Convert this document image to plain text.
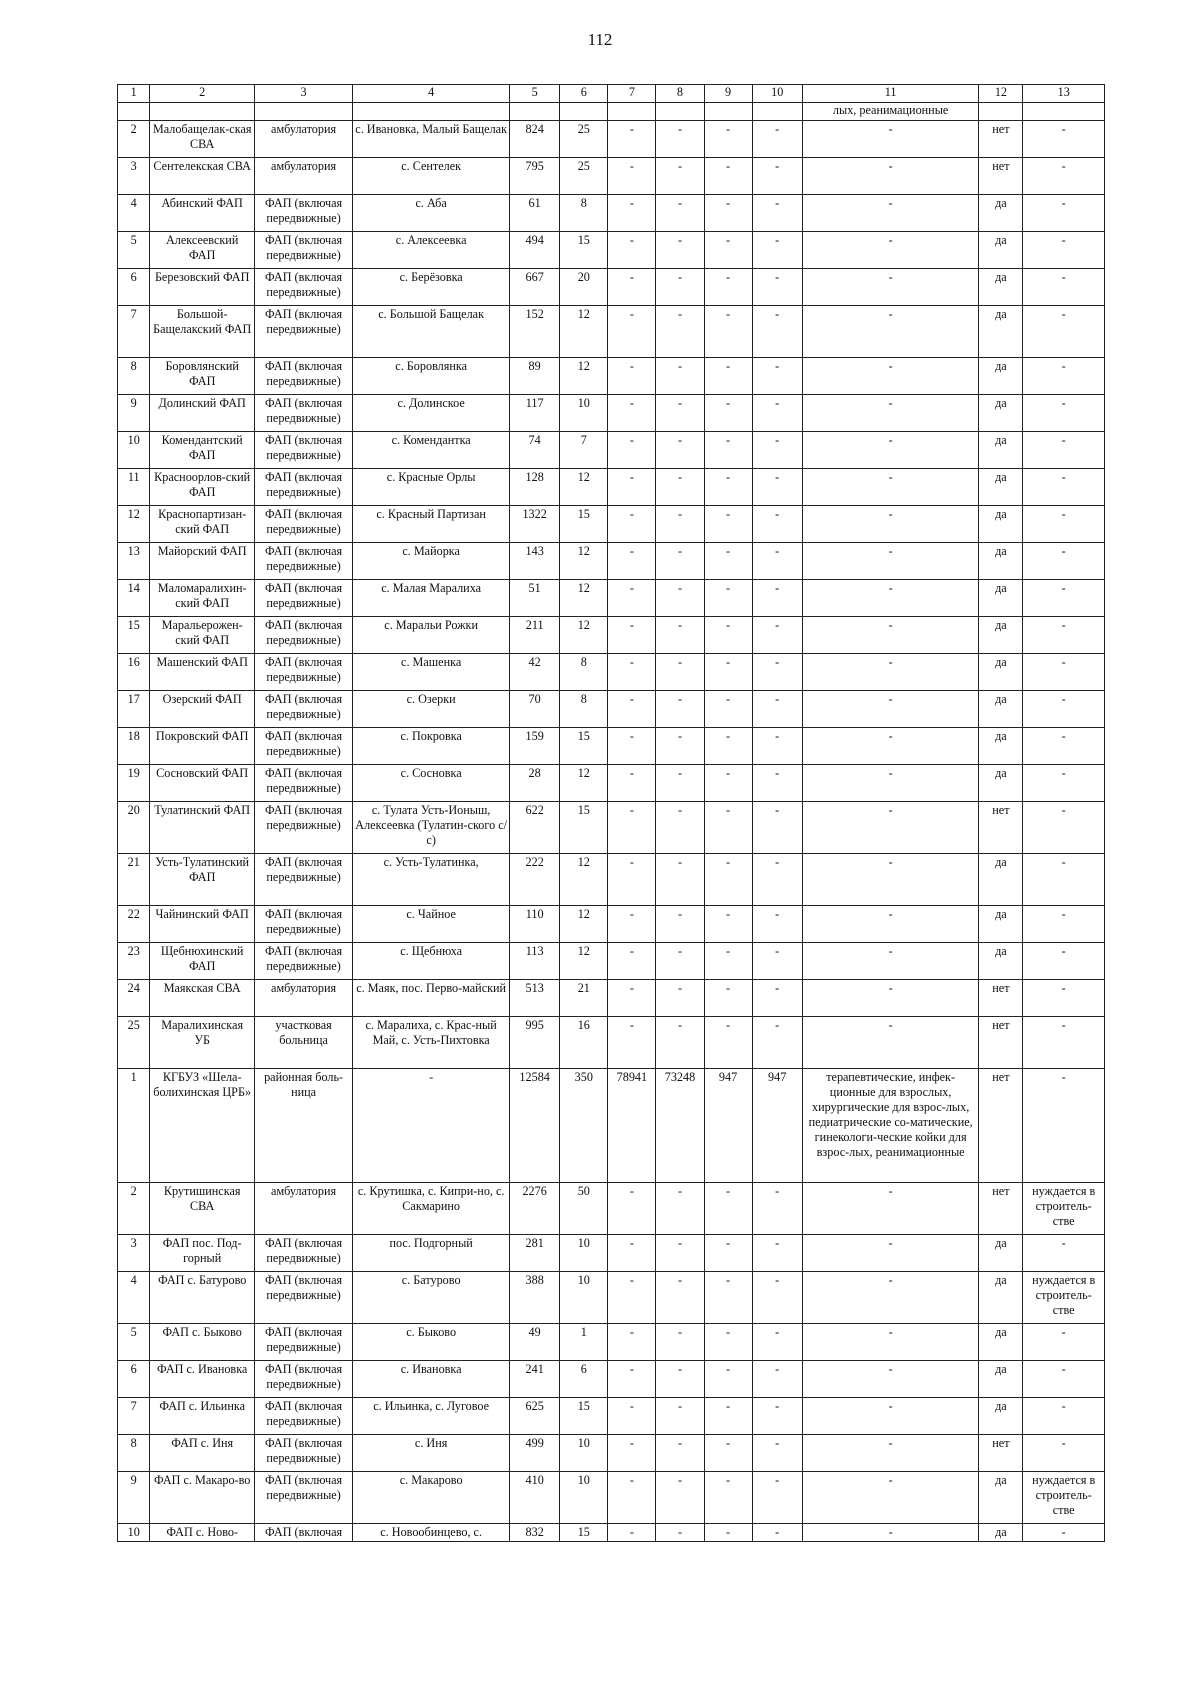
112
1	2	3	4	5	6	7	8	9	10	11	12	13
										лых, реанимационные		
2	Малобащелак-ская СВА	амбулатория	с. Ивановка, Малый Бащелак	824	25	-	-	-	-	-	нет	-
3	Сентелекская СВА	амбулатория	с. Сентелек	795	25	-	-	-	-	-	нет	-
4	Абинский ФАП	ФАП (включая передвижные)	с. Аба	61	8	-	-	-	-	-	да	-
5	Алексеевский ФАП	ФАП (включая передвижные)	с. Алексеевка	494	15	-	-	-	-	-	да	-
6	Березовский ФАП	ФАП (включая передвижные)	с. Берёзовка	667	20	-	-	-	-	-	да	-
7	Большой-Бащелакский ФАП	ФАП (включая передвижные)	с. Большой Бащелак	152	12	-	-	-	-	-	да	-
8	Боровлянский ФАП	ФАП (включая передвижные)	с. Боровлянка	89	12	-	-	-	-	-	да	-
9	Долинский ФАП	ФАП (включая передвижные)	с. Долинское	117	10	-	-	-	-	-	да	-
10	Комендантский ФАП	ФАП (включая передвижные)	с. Комендантка	74	7	-	-	-	-	-	да	-
11	Красноорлов-ский ФАП	ФАП (включая передвижные)	с. Красные Орлы	128	12	-	-	-	-	-	да	-
12	Краснопартизан-ский ФАП	ФАП (включая передвижные)	с. Красный Партизан	1322	15	-	-	-	-	-	да	-
13	Майорский ФАП	ФАП (включая передвижные)	с. Майорка	143	12	-	-	-	-	-	да	-
14	Маломаралихин-ский ФАП	ФАП (включая передвижные)	с. Малая Маралиха	51	12	-	-	-	-	-	да	-
15	Маральерожен-ский ФАП	ФАП (включая передвижные)	с. Маральи Рожки	211	12	-	-	-	-	-	да	-
16	Машенский ФАП	ФАП (включая передвижные)	с. Машенка	42	8	-	-	-	-	-	да	-
17	Озерский ФАП	ФАП (включая передвижные)	с. Озерки	70	8	-	-	-	-	-	да	-
18	Покровский ФАП	ФАП (включая передвижные)	с. Покровка	159	15	-	-	-	-	-	да	-
19	Сосновский ФАП	ФАП (включая передвижные)	с. Сосновка	28	12	-	-	-	-	-	да	-
20	Тулатинский ФАП	ФАП (включая передвижные)	с. Тулата Усть-Ионыш, Алексеевка (Тулатин-ского с/с)	622	15	-	-	-	-	-	нет	-
21	Усть-Тулатинский ФАП	ФАП (включая передвижные)	с. Усть-Тулатинка,	222	12	-	-	-	-	-	да	-
22	Чайнинский ФАП	ФАП (включая передвижные)	с. Чайное	110	12	-	-	-	-	-	да	-
23	Щебнюхинский ФАП	ФАП (включая передвижные)	с. Щебнюха	113	12	-	-	-	-	-	да	-
24	Маякская СВА	амбулатория	с. Маяк, пос. Перво-майский	513	21	-	-	-	-	-	нет	-
25	Маралихинская УБ	участковая больница	с. Маралиха, с. Крас-ный Май, с. Усть-Пихтовка	995	16	-	-	-	-	-	нет	-
1	КГБУЗ «Шела-болихинская ЦРБ»	районная боль-ница	-	12584	350	78941	73248	947	947	терапевтические, инфек-ционные для взрослых, хирургические для взрос-лых, педиатрические со-матические, гинекологи-ческие койки для взрос-лых, реанимационные	нет	-
2	Крутишинская СВА	амбулатория	с. Крутишка, с. Кипри-но, с. Сакмарино	2276	50	-	-	-	-	-	нет	нуждается в строитель-стве
3	ФАП пос. Под-горный	ФАП (включая передвижные)	пос. Подгорный	281	10	-	-	-	-	-	да	-
4	ФАП с. Батурово	ФАП (включая передвижные)	с. Батурово	388	10	-	-	-	-	-	да	нуждается в строитель-стве
5	ФАП с. Быково	ФАП (включая передвижные)	с. Быково	49	1	-	-	-	-	-	да	-
6	ФАП с. Ивановка	ФАП (включая передвижные)	с. Ивановка	241	6	-	-	-	-	-	да	-
7	ФАП с. Ильинка	ФАП (включая передвижные)	с. Ильинка, с. Луговое	625	15	-	-	-	-	-	да	-
8	ФАП с. Иня	ФАП (включая передвижные)	с. Иня	499	10	-	-	-	-	-	нет	-
9	ФАП с. Макаро-во	ФАП (включая передвижные)	с. Макарово	410	10	-	-	-	-	-	да	нуждается в строитель-стве
10	ФАП с. Ново-	ФАП (включая	с. Новообинцево, с.	832	15	-	-	-	-	-	да	-
